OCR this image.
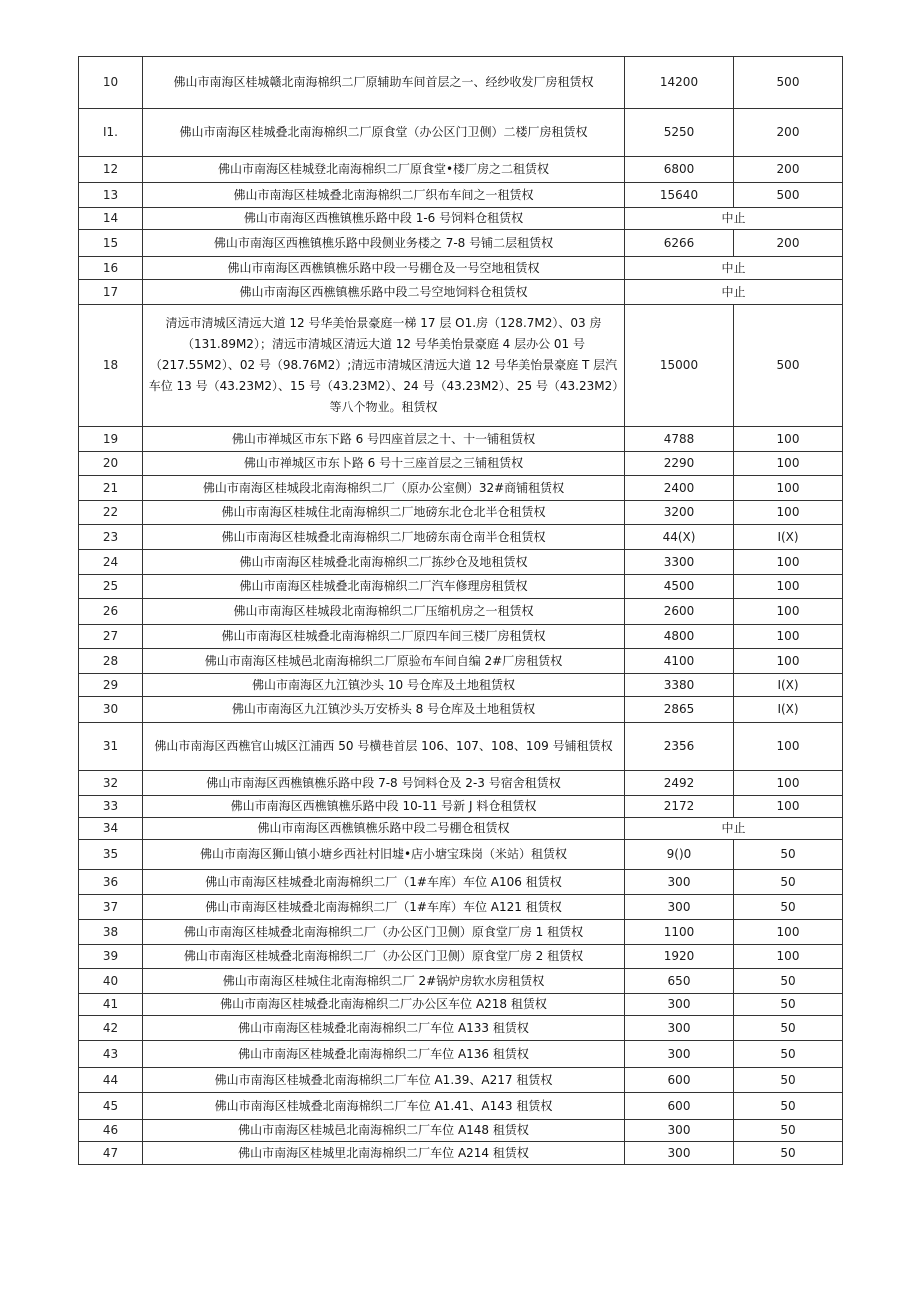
10	佛山市南海区桂城赣北南海棉织二厂原辅助车间首层之一、经纱收发厂房租赁权	14200	500
I1.	佛山市南海区桂城叠北南海棉织二厂原食堂（办公区门卫侧）二楼厂房租赁权	5250	200
12	佛山市南海区桂城登北南海棉织二厂原食堂•楼厂房之二租赁权	6800	200
13	佛山市南海区桂城叠北南海棉织二厂织布车间之一租赁权	15640	500
14	佛山市南海区西樵镇樵乐路中段 1-6 号饲料仓租赁权	中止	
15	佛山市南海区西樵镇樵乐路中段侧业务楼之 7-8 号铺二层租赁权	6266	200
16	佛山市南海区西樵镇樵乐路中段一号棚仓及一号空地租赁权	中止	
17	佛山市南海区西樵镇樵乐路中段二号空地饲料仓租赁权	中止	
18	清远市清城区清远大道 12 号华美怡景豪庭一梯 17 层 O1.房（128.7M2）、03 房（131.89M2）；清远市清城区清远大道 12 号华美怡景豪庭 4 层办公 01 号（217.55M2）、02 号（98.76M2）;清远市清城区清远大道 12 号华美怡景豪庭 T 层汽车位 13 号（43.23M2）、15 号（43.23M2）、24 号（43.23M2）、25 号（43.23M2）等八个物业。租赁权	15000	500
19	佛山市禅城区市东下路 6 号四座首层之十、十一铺租赁权	4788	100
20	佛山市禅城区市东卜路 6 号十三座首层之三铺租赁权	2290	100
21	佛山市南海区桂城段北南海棉织二厂（原办公室侧）32#商铺租赁权	2400	100
22	佛山市南海区桂城住北南海棉织二厂地磅东北仓北半仓租赁权	3200	100
23	佛山市南海区桂城叠北南海棉织二厂地磅东南仓南半仓租赁权	44(X)	I(X)
24	佛山市南海区桂城叠北南海棉织二厂拣纱仓及地租赁权	3300	100
25	佛山市南海区桂城叠北南海棉织二厂汽车修理房租赁权	4500	100
26	佛山市南海区桂城段北南海棉织二厂压缩机房之一租赁权	2600	100
27	佛山市南海区桂城叠北南海棉织二厂原四车间三楼厂房租赁权	4800	100
28	佛山市南海区桂城邑北南海棉织二厂原验布车间自编 2#厂房租赁权	4100	100
29	佛山市南海区九江镇沙头 10 号仓库及土地租赁权	3380	I(X)
30	佛山市南海区九江镇沙头万安桥头 8 号仓库及土地租赁权	2865	I(X)
31	佛山市南海区西樵官山城区江浦西 50 号横巷首层 106、107、108、109 号铺租赁权	2356	100
32	佛山市南海区西樵镇樵乐路中段 7-8 号饲料仓及 2-3 号宿舍租赁权	2492	100
33	佛山市南海区西樵镇樵乐路中段 10-11 号新 J 料仓租赁权	2172	100
34	佛山市南海区西樵镇樵乐路中段二号棚仓租赁权	中止	
35	佛山市南海区狮山镇小塘乡西社村旧墟•店小塘宝珠岗（米站）租赁权	9()0	50
36	佛山市南海区桂城叠北南海棉织二厂（1#车库）车位 A106 租赁权	300	50
37	佛山市南海区桂城叠北南海棉织二厂（1#车库）车位 A121 租赁权	300	50
38	佛山市南海区桂城叠北南海棉织二厂（办公区门卫侧）原食堂厂房 1 租赁权	1100	100
39	佛山市南海区桂城叠北南海棉织二厂（办公区门卫侧）原食堂厂房 2 租赁权	1920	100
40	佛山市南海区桂城住北南海棉织二厂 2#锅炉房软水房租赁权	650	50
41	佛山市南海区桂城叠北南海棉织二厂办公区车位 A218 租赁权	300	50
42	佛山市南海区桂城叠北南海棉织二厂车位 A133 租赁权	300	50
43	佛山市南海区桂城叠北南海棉织二厂车位 A136 租赁权	300	50
44	佛山市南海区桂城叠北南海棉织二厂车位 A1.39、A217 租赁权	600	50
45	佛山市南海区桂城叠北南海棉织二厂车位 A1.41、A143 租赁权	600	50
46	佛山市南海区桂城邑北南海棉织二厂车位 A148 租赁权	300	50
47	佛山市南海区桂城里北南海棉织二厂车位 A214 租赁权	300	50
